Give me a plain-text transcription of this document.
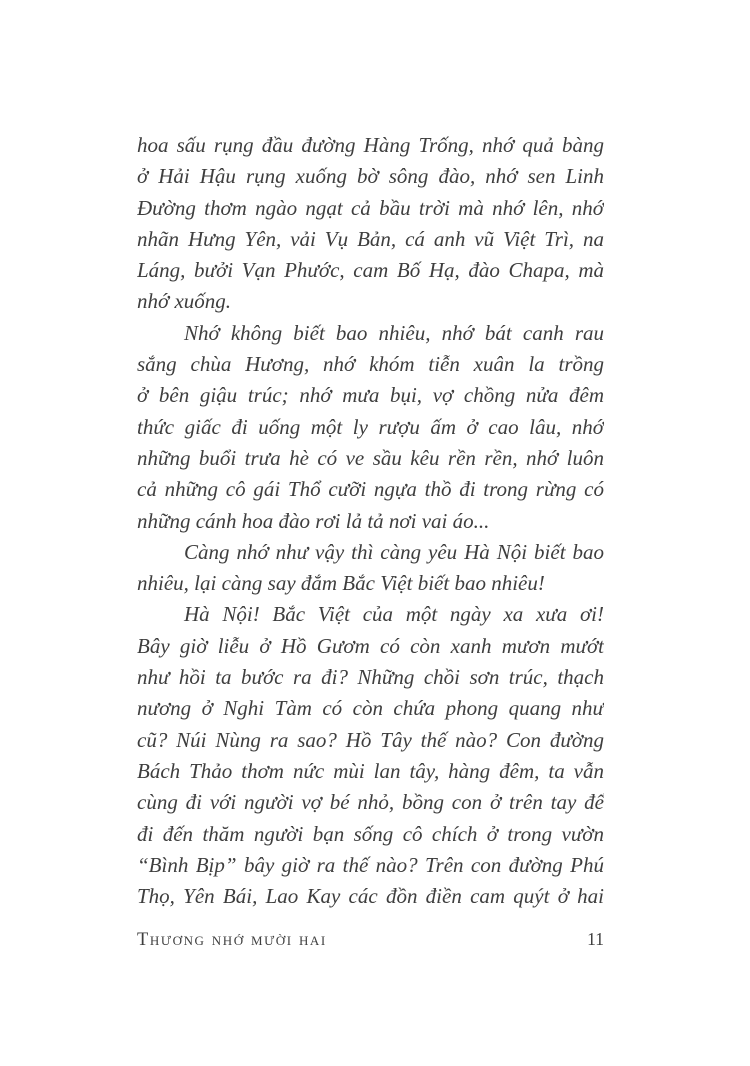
hoa sấu rụng đầu đường Hàng Trống, nhớ quả bàng
ở Hải Hậu rụng xuống bờ sông đào, nhớ sen Linh
Đường thơm ngào ngạt cả bầu trời mà nhớ lên, nhớ
nhãn Hưng Yên, vải Vụ Bản, cá anh vũ Việt Trì, na
Láng, bưởi Vạn Phước, cam Bố Hạ, đào Chapa, mà
nhớ xuống.
Nhớ không biết bao nhiêu, nhớ bát canh rau
sắng chùa Hương, nhớ khóm tiễn xuân la trồng
ở bên giậu trúc; nhớ mưa bụi, vợ chồng nửa đêm
thức giấc đi uống một ly rượu ấm ở cao lâu, nhớ
những buổi trưa hè có ve sầu kêu rền rền, nhớ luôn
cả những cô gái Thổ cưỡi ngựa thồ đi trong rừng có
những cánh hoa đào rơi lả tả nơi vai áo...
Càng nhớ như vậy thì càng yêu Hà Nội biết bao
nhiêu, lại càng say đắm Bắc Việt biết bao nhiêu!
Hà Nội! Bắc Việt của một ngày xa xưa ơi!
Bây giờ liễu ở Hồ Gươm có còn xanh mươn mướt
như hồi ta bước ra đi? Những chồi sơn trúc, thạch
nương ở Nghi Tàm có còn chứa phong quang như
cũ? Núi Nùng ra sao? Hồ Tây thế nào? Con đường
Bách Thảo thơm nức mùi lan tây, hàng đêm, ta vẫn
cùng đi với người vợ bé nhỏ, bồng con ở trên tay để
đi đến thăm người bạn sống cô chích ở trong vườn
“Bình Bịp” bây giờ ra thế nào? Trên con đường Phú
Thọ, Yên Bái, Lao Kay các đồn điền cam quýt ở hai
Thương nhớ mười hai	11
